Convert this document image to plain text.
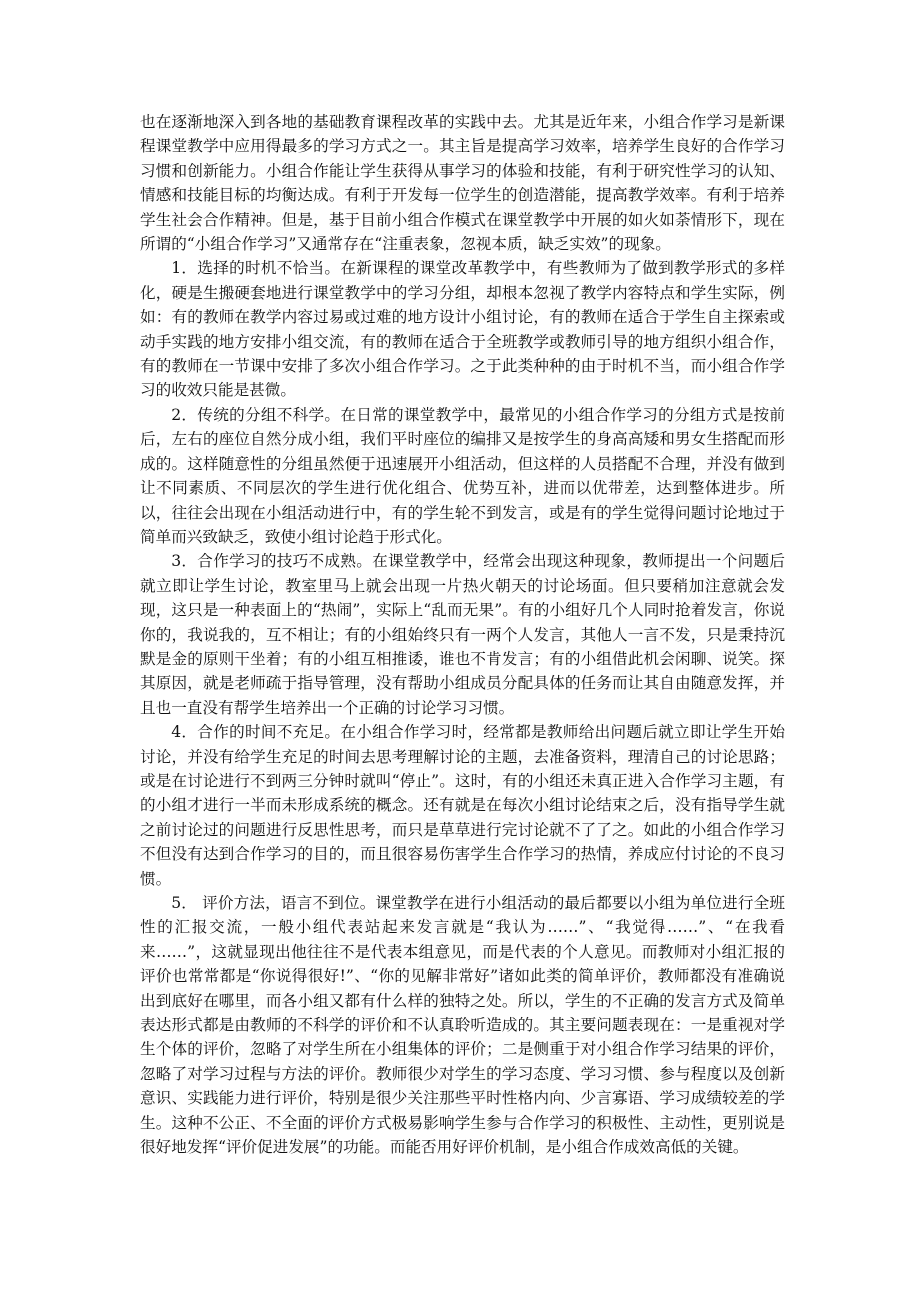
也在逐渐地深入到各地的基础教育课程改革的实践中去。尤其是近年来，小组合作学习是新课程课堂教学中应用得最多的学习方式之一。其主旨是提高学习效率，培养学生良好的合作学习习惯和创新能力。小组合作能让学生获得从事学习的体验和技能，有利于研究性学习的认知、情感和技能目标的均衡达成。有利于开发每一位学生的创造潜能，提高教学效率。有利于培养学生社会合作精神。但是，基于目前小组合作模式在课堂教学中开展的如火如荼情形下，现在所谓的“小组合作学习”又通常存在“注重表象，忽视本质，缺乏实效”的现象。

1．选择的时机不恰当。在新课程的课堂改革教学中，有些教师为了做到教学形式的多样化，硬是生搬硬套地进行课堂教学中的学习分组，却根本忽视了教学内容特点和学生实际，例如：有的教师在教学内容过易或过难的地方设计小组讨论，有的教师在适合于学生自主探索或动手实践的地方安排小组交流，有的教师在适合于全班教学或教师引导的地方组织小组合作，有的教师在一节课中安排了多次小组合作学习。之于此类种种的由于时机不当，而小组合作学习的收效只能是甚微。

2．传统的分组不科学。在日常的课堂教学中，最常见的小组合作学习的分组方式是按前后，左右的座位自然分成小组，我们平时座位的编排又是按学生的身高高矮和男女生搭配而形成的。这样随意性的分组虽然便于迅速展开小组活动，但这样的人员搭配不合理，并没有做到让不同素质、不同层次的学生进行优化组合、优势互补，进而以优带差，达到整体进步。所以，往往会出现在小组活动进行中，有的学生轮不到发言，或是有的学生觉得问题讨论地过于简单而兴致缺乏，致使小组讨论趋于形式化。

3．合作学习的技巧不成熟。在课堂教学中，经常会出现这种现象，教师提出一个问题后就立即让学生讨论，教室里马上就会出现一片热火朝天的讨论场面。但只要稍加注意就会发现，这只是一种表面上的“热闹”，实际上“乱而无果”。有的小组好几个人同时抢着发言，你说你的，我说我的，互不相让；有的小组始终只有一两个人发言，其他人一言不发，只是秉持沉默是金的原则干坐着；有的小组互相推诿，谁也不肯发言；有的小组借此机会闲聊、说笑。探其原因，就是老师疏于指导管理，没有帮助小组成员分配具体的任务而让其自由随意发挥，并且也一直没有帮学生培养出一个正确的讨论学习习惯。

4．合作的时间不充足。在小组合作学习时，经常都是教师给出问题后就立即让学生开始讨论，并没有给学生充足的时间去思考理解讨论的主题，去准备资料，理清自己的讨论思路；或是在讨论进行不到两三分钟时就叫“停止”。这时，有的小组还未真正进入合作学习主题，有的小组才进行一半而未形成系统的概念。还有就是在每次小组讨论结束之后，没有指导学生就之前讨论过的问题进行反思性思考，而只是草草进行完讨论就不了了之。如此的小组合作学习不但没有达到合作学习的目的，而且很容易伤害学生合作学习的热情，养成应付讨论的不良习惯。

5． 评价方法，语言不到位。课堂教学在进行小组活动的最后都要以小组为单位进行全班性的汇报交流，一般小组代表站起来发言就是“我认为……”、“我觉得……”、“在我看来……”，这就显现出他往往不是代表本组意见，而是代表的个人意见。而教师对小组汇报的评价也常常都是“你说得很好!”、“你的见解非常好”诸如此类的简单评价，教师都没有准确说出到底好在哪里，而各小组又都有什么样的独特之处。所以，学生的不正确的发言方式及简单表达形式都是由教师的不科学的评价和不认真聆听造成的。其主要问题表现在：一是重视对学生个体的评价，忽略了对学生所在小组集体的评价；二是侧重于对小组合作学习结果的评价，忽略了对学习过程与方法的评价。教师很少对学生的学习态度、学习习惯、参与程度以及创新意识、实践能力进行评价，特别是很少关注那些平时性格内向、少言寡语、学习成绩较差的学生。这种不公正、不全面的评价方式极易影响学生参与合作学习的积极性、主动性，更别说是很好地发挥“评价促进发展”的功能。而能否用好评价机制，是小组合作成效高低的关键。
